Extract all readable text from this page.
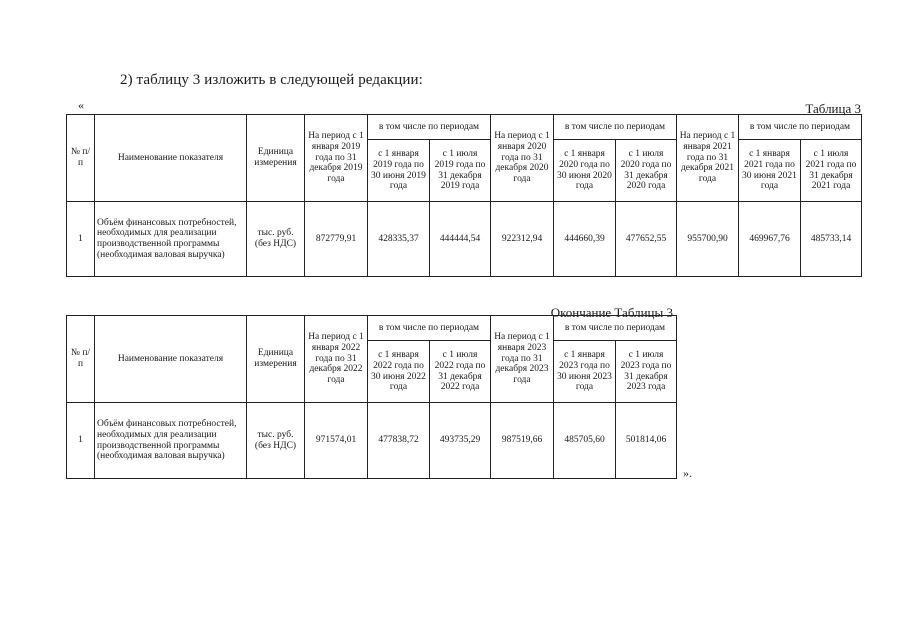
2) таблицу 3 изложить в следующей редакции:
«	Таблица 3
№ п/п	Наименование показателя	Единица измерения	На период с 1 января 2019 года по 31 декабря 2019 года	в том числе по периодам		На период с 1 января 2020 года по 31 декабря 2020 года	в том числе по периодам		На период с 1 января 2021 года по 31 декабря 2021 года	в том числе по периодам	
				с 1 января 2019 года по 30 июня 2019 года	с 1 июля 2019 года по 31 декабря 2019 года		с 1 января 2020 года по 30 июня 2020 года	с 1 июля 2020 года по 31 декабря 2020 года		с 1 января 2021 года по 30 июня 2021 года	с 1 июля 2021 года по 31 декабря 2021 года
1	Объём финансовых потребностей, необходимых для реализации производственной программы (необходимая валовая выручка)	тыс. руб. (без НДС)	872779,91	428335,37	444444,54	922312,94	444660,39	477652,55	955700,90	469967,76	485733,14
Окончание Таблицы 3
№ п/п	Наименование показателя	Единица измерения	На период с 1 января 2022 года по 31 декабря 2022 года	в том числе по периодам		На период с 1 января 2023 года по 31 декабря 2023 года	в том числе по периодам	
				с 1 января 2022 года по 30 июня 2022 года	с 1 июля 2022 года по 31 декабря 2022 года		с 1 января 2023 года по 30 июня 2023 года	с 1 июля 2023 года по 31 декабря 2023 года
1	Объём финансовых потребностей, необходимых для реализации производственной программы (необходимая валовая выручка)	тыс. руб. (без НДС)	971574,01	477838,72	493735,29	987519,66	485705,60	501814,06
».
